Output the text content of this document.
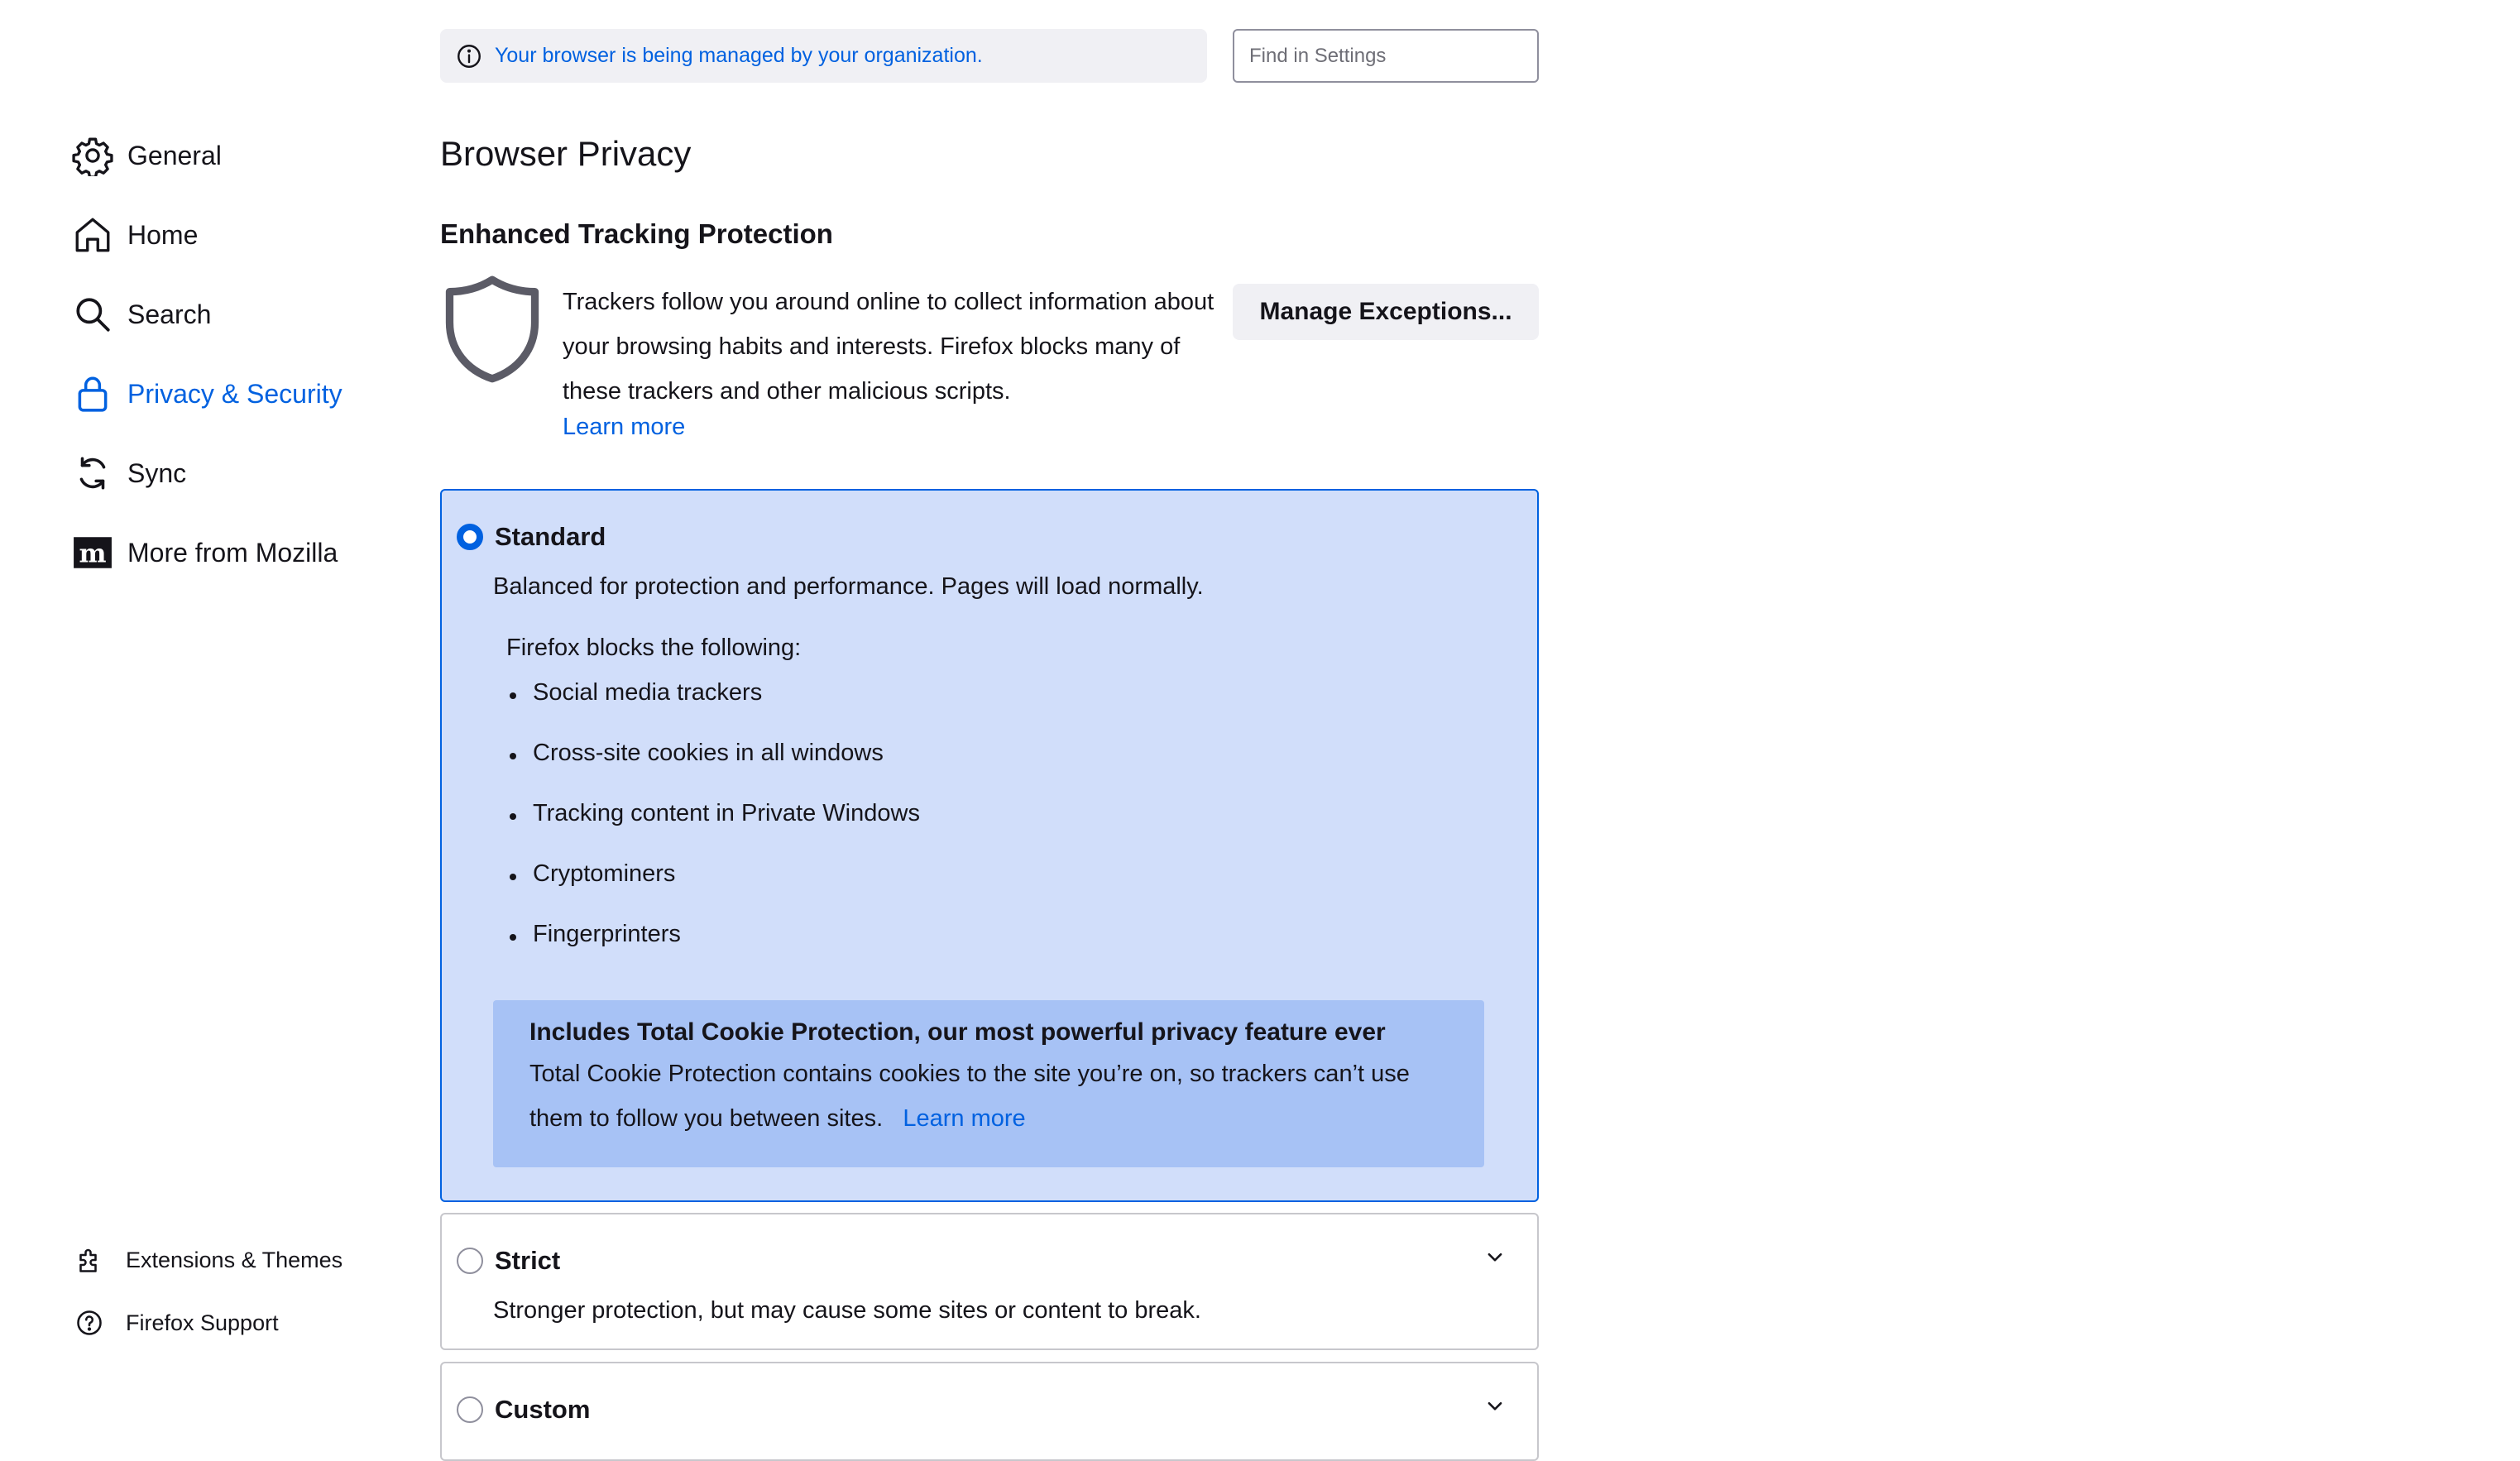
General
Home
Search
Privacy & Security
Sync
m More from Mozilla
Extensions & Themes
Firefox Support
Your browser is being managed by your organization.
Find in Settings
Browser Privacy
Enhanced Tracking Protection

Trackers follow you around online to collect information about your browsing habits and interests. Firefox blocks many of these trackers and other malicious scripts.

Learn more
Manage Exceptions...
Standard

Balanced for protection and performance. Pages will load normally.

Firefox blocks the following:

Social media trackers
Cross-site cookies in all windows
Tracking content in Private Windows
Cryptominers
Fingerprinters

Includes Total Cookie Protection, our most powerful privacy feature ever

Total Cookie Protection contains cookies to the site you’re on, so trackers can’t use them to follow you between sites. Learn more

Strict

Stronger protection, but may cause some sites or content to break.

Custom
